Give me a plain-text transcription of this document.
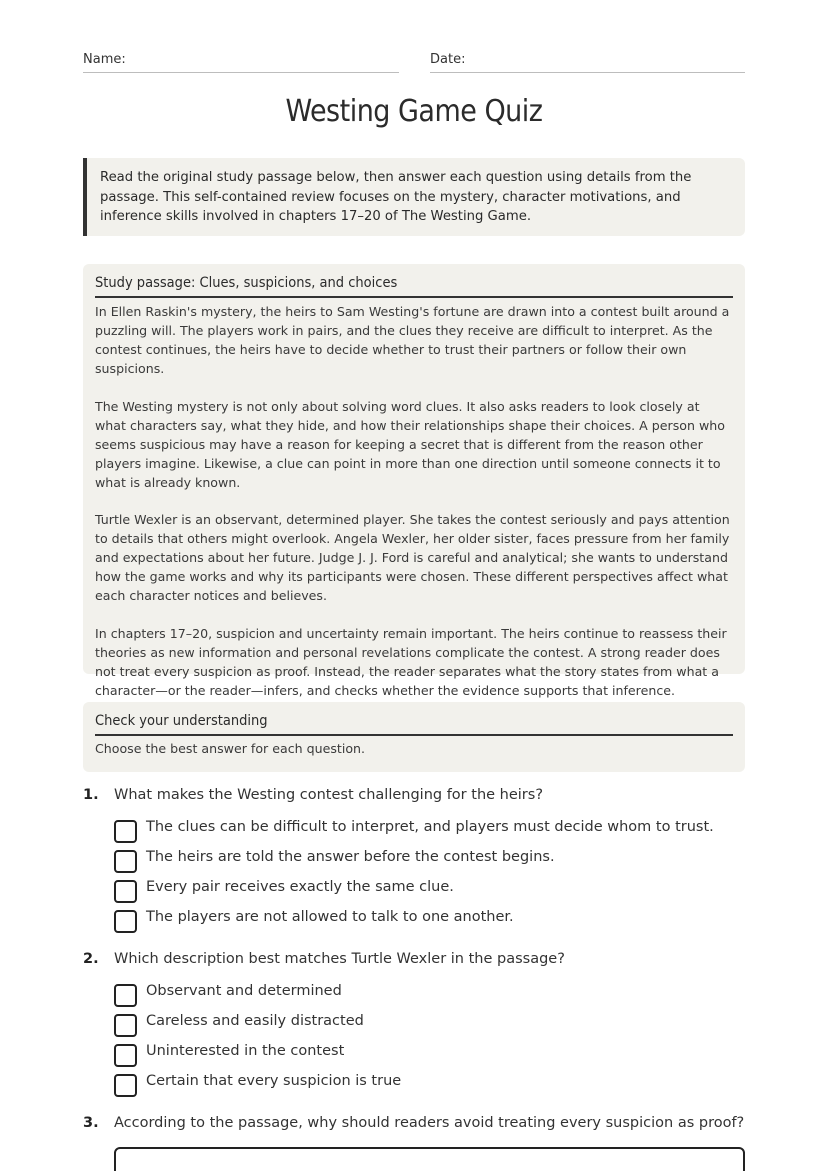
Name:	Date:
Westing Game Quiz
Read the original study passage below, then answer each question using details from the passage. This self-contained review focuses on the mystery, character motivations, and inference skills involved in chapters 17–20 of The Westing Game.
Study passage: Clues, suspicions, and choices

In Ellen Raskin's mystery, the heirs to Sam Westing's fortune are drawn into a contest built around a puzzling will. The players work in pairs, and the clues they receive are difficult to interpret. As the contest continues, the heirs have to decide whether to trust their partners or follow their own suspicions.

The Westing mystery is not only about solving word clues. It also asks readers to look closely at what characters say, what they hide, and how their relationships shape their choices. A person who seems suspicious may have a reason for keeping a secret that is different from the reason other players imagine. Likewise, a clue can point in more than one direction until someone connects it to what is already known.

Turtle Wexler is an observant, determined player. She takes the contest seriously and pays attention to details that others might overlook. Angela Wexler, her older sister, faces pressure from her family and expectations about her future. Judge J. J. Ford is careful and analytical; she wants to understand how the game works and why its participants were chosen. These different perspectives affect what each character notices and believes.

In chapters 17–20, suspicion and uncertainty remain important. The heirs continue to reassess their theories as new information and personal revelations complicate the contest. A strong reader does not treat every suspicion as proof. Instead, the reader separates what the story states from what a character—or the reader—infers, and checks whether the evidence supports that inference.

Check your understanding
Choose the best answer for each question.
1. What makes the Westing contest challenging for the heirs?
The clues can be difficult to interpret, and players must decide whom to trust.
The heirs are told the answer before the contest begins.
Every pair receives exactly the same clue.
The players are not allowed to talk to one another.
2. Which description best matches Turtle Wexler in the passage?
Observant and determined
Careless and easily distracted
Uninterested in the contest
Certain that every suspicion is true
3. According to the passage, why should readers avoid treating every suspicion as proof?
